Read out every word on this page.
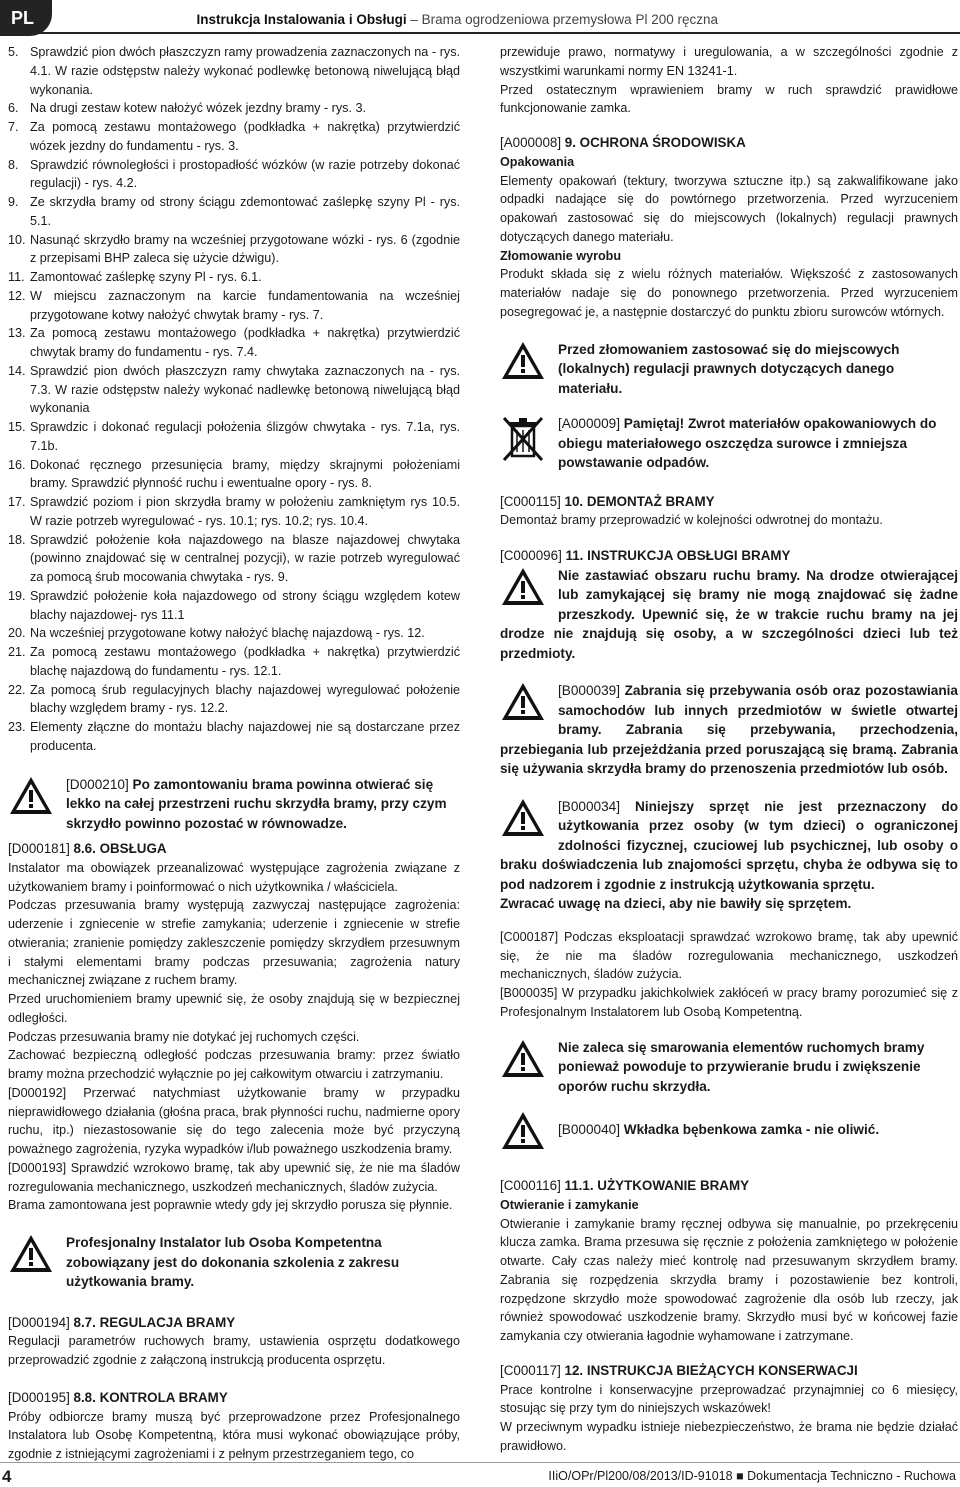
PL	Instrukcja Instalowania i Obsługi – Brama ogrodzeniowa przemysłowa Pl 200 ręczna
5. Sprawdzić pion dwóch płaszczyzn ramy prowadzenia zaznaczonych na - rys. 4.1. W razie odstępstw należy wykonać podlewkę betonową niwelującą błąd wykonania.
6. Na drugi zestaw kotew nałożyć wózek jezdny bramy - rys. 3.
7. Za pomocą zestawu montażowego (podkładka + nakrętka) przytwierdzić wózek jezdny do fundamentu - rys. 3.
8. Sprawdzić równoległości i prostopadłość wózków (w razie potrzeby dokonać regulacji) - rys. 4.2.
9. Ze skrzydła bramy od strony ściągu zdemontować zaślepkę szyny Pl - rys. 5.1.
10. Nasunąć skrzydło bramy na wcześniej przygotowane wózki - rys. 6 (zgodnie z przepisami BHP zaleca się użycie dźwigu).
11. Zamontować zaślepkę szyny Pl - rys. 6.1.
12. W miejscu zaznaczonym na karcie fundamentowania na wcześniej przygotowane kotwy nałożyć chwytak bramy - rys. 7.
13. Za pomocą zestawu montażowego (podkładka + nakrętka) przytwierdzić chwytak bramy do fundamentu - rys. 7.4.
14. Sprawdzić pion dwóch płaszczyzn ramy chwytaka zaznaczonych na - rys. 7.3. W razie odstępstw należy wykonać nadlewkę betonową niwelującą błąd wykonania
15. Sprawdzic i dokonać regulacji położenia ślizgów chwytaka - rys. 7.1a, rys. 7.1b.
16. Dokonać ręcznego przesunięcia bramy, między skrajnymi położeniami bramy. Sprawdzić płynność ruchu i ewentualne opory - rys. 8.
17. Sprawdzić poziom i pion skrzydła bramy w położeniu zamkniętym rys 10.5. W razie potrzeb wyregulować - rys. 10.1; rys. 10.2; rys. 10.4.
18. Sprawdzić położenie koła najazdowego na blasze najazdowej chwytaka (powinno znajdować się w centralnej pozycji), w razie potrzeb wyregulować za pomocą śrub mocowania chwytaka - rys. 9.
19. Sprawdzić położenie koła najazdowego od strony ściągu względem kotew blachy najazdowej- rys 11.1
20. Na wcześniej przygotowane kotwy nałożyć blachę najazdową - rys. 12.
21. Za pomocą zestawu montażowego (podkładka + nakrętka) przytwierdzić blachę najazdową do fundamentu - rys. 12.1.
22. Za pomocą śrub regulacyjnych blachy najazdowej wyregulować położenie blachy względem bramy - rys. 12.2.
23. Elementy złączne do montażu blachy najazdowej nie są dostarczane przez producenta.
[D000210] Po zamontowaniu brama powinna otwierać się lekko na całej przestrzeni ruchu skrzydła bramy, przy czym skrzydło powinno pozostać w równowadze.
[D000181] 8.6. OBSŁUGA

Instalator ma obowiązek przeanalizować występujące zagrożenia związane z użytkowaniem bramy i poinformować o nich użytkownika / właściciela.

Podczas przesuwania bramy występują zazwyczaj następujące zagrożenia: uderzenie i zgniecenie w strefie zamykania; uderzenie i zgniecenie w strefie otwierania; zranienie pomiędzy zakleszczenie pomiędzy skrzydłem przesuwnym i stałymi elementami bramy podczas przesuwania; zagrożenia natury mechanicznej związane z ruchem bramy.

Przed uruchomieniem bramy upewnić się, że osoby znajdują się w bezpiecznej odległości.

Podczas przesuwania bramy nie dotykać jej ruchomych części.

Zachować bezpieczną odległość podczas przesuwania bramy: przez światło bramy można przechodzić wyłącznie po jej całkowitym otwarciu i zatrzymaniu.

[D000192] Przerwać natychmiast użytkowanie bramy w przypadku nieprawidłowego działania (głośna praca, brak płynności ruchu, nadmierne opory ruchu, itp.) niezastosowanie się do tego zalecenia może być przyczyną poważnego zagrożenia, ryzyka wypadków i/lub poważnego uszkodzenia bramy.

[D000193] Sprawdzić wzrokowo bramę, tak aby upewnić się, że nie ma śladów rozregulowania mechanicznego, uszkodzeń mechanicznych, śladów zużycia.

Brama zamontowana jest poprawnie wtedy gdy jej skrzydło porusza się płynnie.

Profesjonalny Instalator lub Osoba Kompetentna zobowiązany jest do dokonania szkolenia z zakresu użytkowania bramy.
[D000194] 8.7. REGULACJA BRAMY

Regulacji parametrów ruchowych bramy, ustawienia osprzętu dodatkowego przeprowadzić zgodnie z załączoną instrukcją producenta osprzętu.

[D000195] 8.8. KONTROLA BRAMY

Próby odbiorcze bramy muszą być przeprowadzone przez Profesjonalnego Instalatora lub Osobę Kompetentną, która musi wykonać obowiązujące próby, zgodnie z istniejącymi zagrożeniami i z pełnym przestrzeganiem tego, co

przewiduje prawo, normatywy i uregulowania, a w szczególności zgodnie z wszystkimi warunkami normy EN 13241-1.

Przed ostatecznym wprawieniem bramy w ruch sprawdzić prawidłowe funkcjonowanie zamka.

[A000008] 9. OCHRONA ŚRODOWISKA
Opakowania

Elementy opakowań (tektury, tworzywa sztuczne itp.) są zakwalifikowane jako odpadki nadające się do powtórnego przetworzenia. Przed wyrzuceniem opakowań zastosować się do miejscowych (lokalnych) regulacji prawnych dotyczących danego materiału.

Złomowanie wyrobu

Produkt składa się z wielu różnych materiałów. Większość z zastosowanych materiałów nadaje się do ponownego przetworzenia. Przed wyrzuceniem posegregować je, a następnie dostarczyć do punktu zbioru surowców wtórnych.

Przed złomowaniem zastosować się do miejscowych (lokalnych) regulacji prawnych dotyczących danego materiału.
[A000009] Pamiętaj! Zwrot materiałów opakowaniowych do obiegu materiałowego oszczędza surowce i zmniejsza powstawanie odpadów.
[C000115] 10. DEMONTAŻ BRAMY

Demontaż bramy przeprowadzić w kolejności odwrotnej do montażu.

[C000096] 11. INSTRUKCJA OBSŁUGI BRAMY

Nie zastawiać obszaru ruchu bramy. Na drodze otwierającej lub zamykającej się bramy nie mogą znajdować się żadne przeszkody. Upewnić się, że w trakcie ruchu bramy na jej drodze nie znajdują się osoby, a w szczególności dzieci lub też przedmioty.

[B000039] Zabrania się przebywania osób oraz pozostawiania samochodów lub innych przedmiotów w świetle otwartej bramy. Zabrania się przebywania, przechodzenia, przebiegania lub przejeżdżania przed poruszającą się bramą. Zabrania się używania skrzydła bramy do przenoszenia przedmiotów lub osób.

[B000034] Niniejszy sprzęt nie jest przeznaczony do użytkowania przez osoby (w tym dzieci) o ograniczonej zdolności fizycznej, czuciowej lub psychicznej, lub osoby o braku doświadczenia lub znajomości sprzętu, chyba że odbywa się to pod nadzorem i zgodnie z instrukcją użytkowania sprzętu.

Zwracać uwagę na dzieci, aby nie bawiły się sprzętem.

[C000187] Podczas eksploatacji sprawdzać wzrokowo bramę, tak aby upewnić się, że nie ma śladów rozregulowania mechanicznego, uszkodzeń mechanicznych, śladów zużycia.

[B000035] W przypadku jakichkolwiek zakłóceń w pracy bramy porozumieć się z Profesjonalnym Instalatorem lub Osobą Kompetentną.

Nie zaleca się smarowania elementów ruchomych bramy ponieważ powoduje to przywieranie brudu i zwiększenie oporów ruchu skrzydła.
[B000040] Wkładka bębenkowa zamka - nie oliwić.
[C000116] 11.1. UŻYTKOWANIE BRAMY
Otwieranie i zamykanie

Otwieranie i zamykanie bramy ręcznej odbywa się manualnie, po przekręceniu klucza zamka. Brama przesuwa się ręcznie z położenia zamkniętego w położenie otwarte. Cały czas należy mieć kontrolę nad przesuwanym skrzydłem bramy. Zabrania się rozpędzenia skrzydła bramy i pozostawienie bez kontroli, rozpędzone skrzydło może spowodować zagrożenie dla osób lub rzeczy, jak również spowodować uszkodzenie bramy. Skrzydło musi być w końcowej fazie zamykania czy otwierania łagodnie wyhamowane i zatrzymane.

[C000117] 12. INSTRUKCJA BIEŻĄCYCH KONSERWACJI

Prace kontrolne i konserwacyjne przeprowadzać przynajmniej co 6 miesięcy, stosując się przy tym do niniejszych wskazówek!

W przeciwnym wypadku istnieje niebezpieczeństwo, że brama nie będzie działać prawidłowo.

4	IIiO/OPr/Pl200/08/2013/ID-91018 ■ Dokumentacja Techniczno - Ruchowa
